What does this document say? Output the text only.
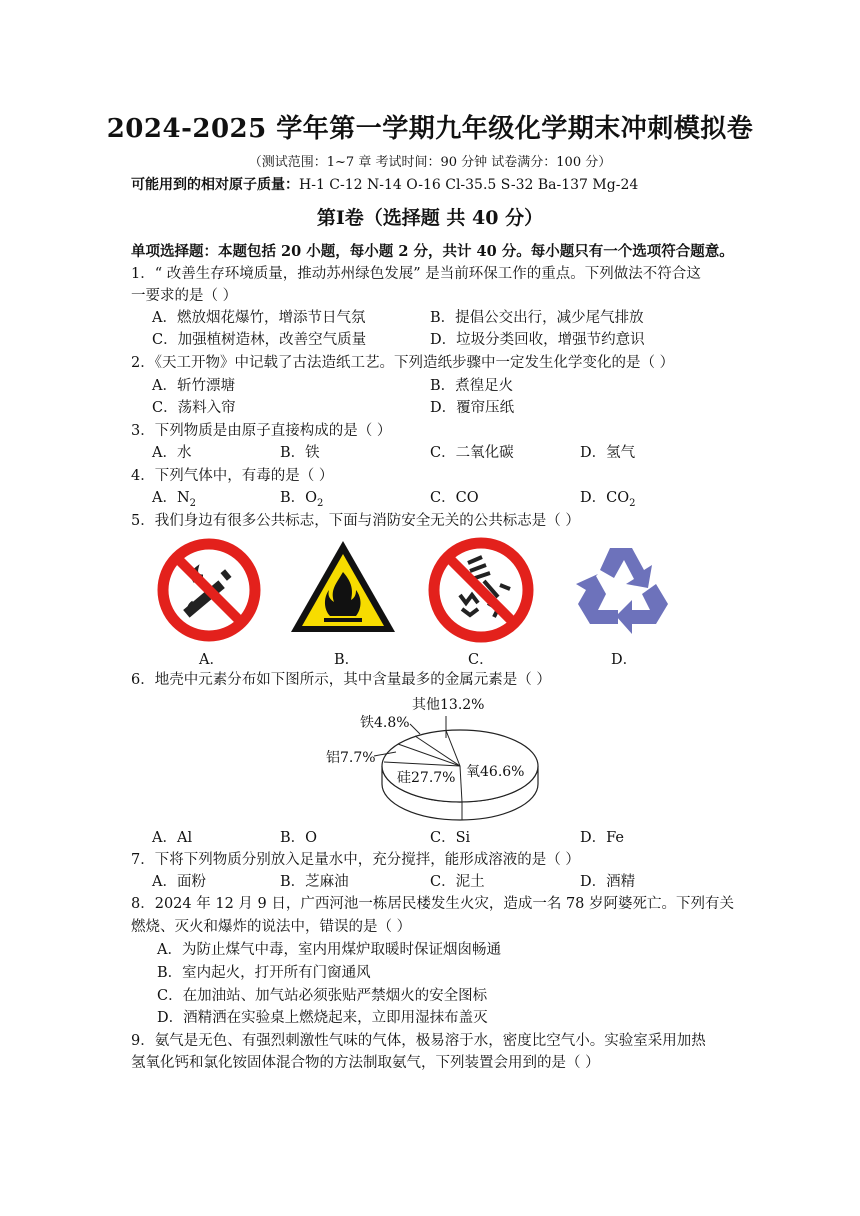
2024-2025 学年第一学期九年级化学期末冲刺模拟卷
（测试范围：1~7 章 考试时间：90 分钟 试卷满分：100 分）
可能用到的相对原子质量：H-1 C-12 N-14 O-16 Cl-35.5 S-32 Ba-137 Mg-24
第Ⅰ卷（选择题 共 40 分）
单项选择题：本题包括 20 小题，每小题 2 分，共计 40 分。每小题只有一个选项符合题意。
1．“ 改善生存环境质量，推动苏州绿色发展” 是当前环保工作的重点。下列做法不符合这
一要求的是（ ）
A．燃放烟花爆竹，增添节日气氛	B．提倡公交出行，减少尾气排放
C．加强植树造林，改善空气质量	D．垃圾分类回收，增强节约意识
2．《天工开物》中记载了古法造纸工艺。下列造纸步骤中一定发生化学变化的是（ ）
A．斩竹漂塘	B．煮徨足火
C．荡料入帘	D．覆帘压纸
3．下列物质是由原子直接构成的是（ ）
A．水	B．铁	C．二氧化碳	D．氢气
4．下列气体中，有毒的是（ ）
A．$N_2$	B．$O_2$	C．CO	D．$CO_2$
5．我们身边有很多公共标志，下面与消防安全无关的公共标志是（ ）
A．	B．	C．	D．
6．地壳中元素分布如下图所示，其中含量最多的金属元素是（ ）
其他13.2%
铁4.8%
铝7.7%
硅27.7% 氧46.6%
A．Al	B．O	C．Si	D．Fe
7．下将下列物质分别放入足量水中，充分搅拌，能形成溶液的是（ ）
A．面粉	B．芝麻油	C．泥土	D．酒精
8．2024 年 12 月 9 日，广西河池一栋居民楼发生火灾，造成一名 78 岁阿婆死亡。下列有关
燃烧、灭火和爆炸的说法中，错误的是（ ）
A．为防止煤气中毒，室内用煤炉取暖时保证烟囱畅通
B．室内起火，打开所有门窗通风
C．在加油站、加气站必须张贴严禁烟火的安全图标
D．酒精洒在实验桌上燃烧起来，立即用湿抹布盖灭
9．氨气是无色、有强烈刺激性气味的气体，极易溶于水，密度比空气小。实验室采用加热
氢氧化钙和氯化铵固体混合物的方法制取氨气，下列装置会用到的是（ ）
